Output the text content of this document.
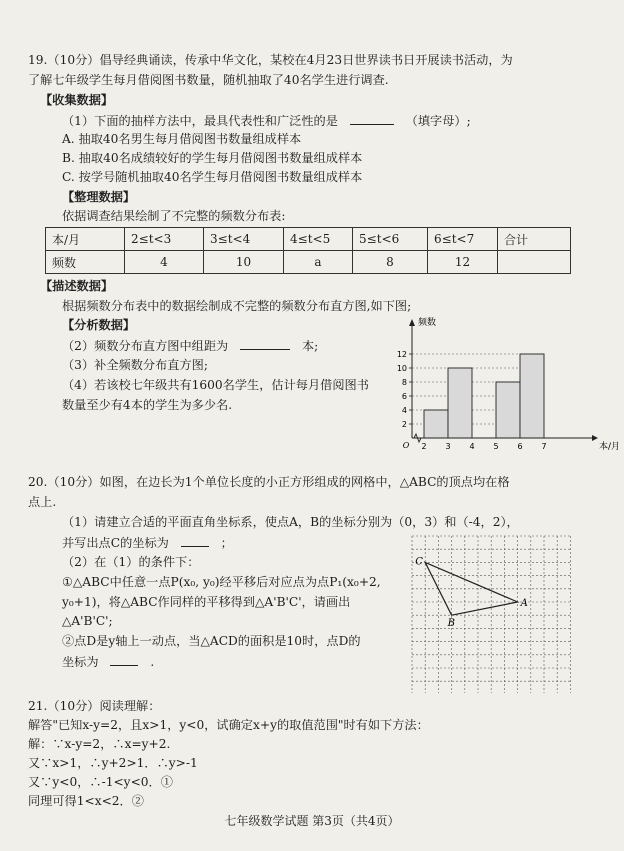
19.（10分）倡导经典诵读，传承中华文化，某校在4月23日世界读书日开展读书活动，为
了解七年级学生每月借阅图书数量，随机抽取了40名学生进行调查.
【收集数据】
（1）下面的抽样方法中，最具代表性和广泛性的是	（填字母）;
A. 抽取40名男生每月借阅图书数量组成样本
B. 抽取40名成绩较好的学生每月借阅图书数量组成样本
C. 按学号随机抽取40名学生每月借阅图书数量组成样本
【整理数据】
依据调查结果绘制了不完整的频数分布表:
本/月	2≤t<3	3≤t<4	4≤t<5	5≤t<6	6≤t<7	合计
频数	4	10	a	8	12	
【描述数据】
根据频数分布表中的数据绘制成不完整的频数分布直方图,如下图;
【分析数据】
（2）频数分布直方图中组距为	本;
（3）补全频数分布直方图;
（4）若该校七年级共有1600名学生，估计每月借阅图书
数量至少有4本的学生为多少名.
2
4
6
8
10
12
2 3 4 5 6 7
O
频数
本/月
20.（10分）如图，在边长为1个单位长度的小正方形组成的网格中，△ABC的顶点均在格
点上.
（1）请建立合适的平面直角坐标系，使点A，B的坐标分别为（0，3）和（-4，2），
并写出点C的坐标为	；
（2）在（1）的条件下：
①△ABC中任意一点P(x₀, y₀)经平移后对应点为点P₁(x₀+2,
y₀+1)，将△ABC作同样的平移得到△A'B'C'，请画出
△A'B'C';
②点D是y轴上一动点，当△ACD的面积是10时，点D的
坐标为	.
A
B
C
21.（10分）阅读理解：
解答"已知x-y=2，且x>1，y<0，试确定x+y的取值范围"时有如下方法：
解：∵x-y=2，∴x=y+2.
又∵x>1，∴y+2>1．∴y>-1
又∵y<0，∴-1<y<0．①
同理可得1<x<2．②
七年级数学试题 第3页（共4页）
